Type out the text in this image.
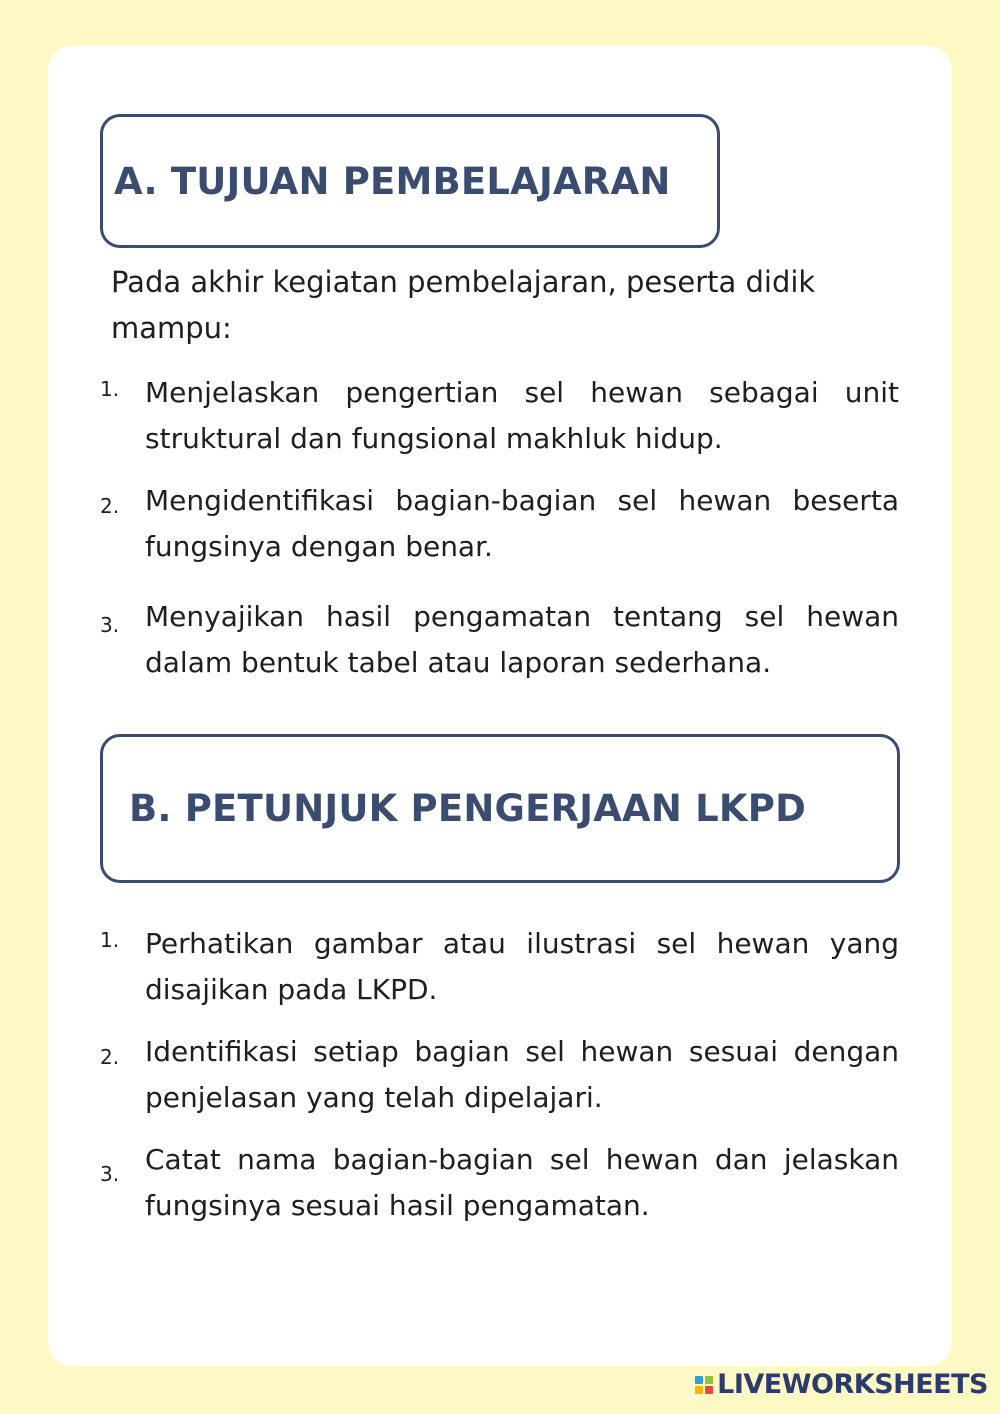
A. TUJUAN PEMBELAJARAN
Pada akhir kegiatan pembelajaran, peserta didik mampu:
1. Menjelaskan pengertian sel hewan sebagai unit struktural dan fungsional makhluk hidup.
2. Mengidentifikasi bagian-bagian sel hewan beserta fungsinya dengan benar.
3. Menyajikan hasil pengamatan tentang sel hewan dalam bentuk tabel atau laporan sederhana.
B. PETUNJUK PENGERJAAN LKPD
1. Perhatikan gambar atau ilustrasi sel hewan yang disajikan pada LKPD.
2. Identifikasi setiap bagian sel hewan sesuai dengan penjelasan yang telah dipelajari.
3. Catat nama bagian-bagian sel hewan dan jelaskan fungsinya sesuai hasil pengamatan.
LIVEWORKSHEETS
